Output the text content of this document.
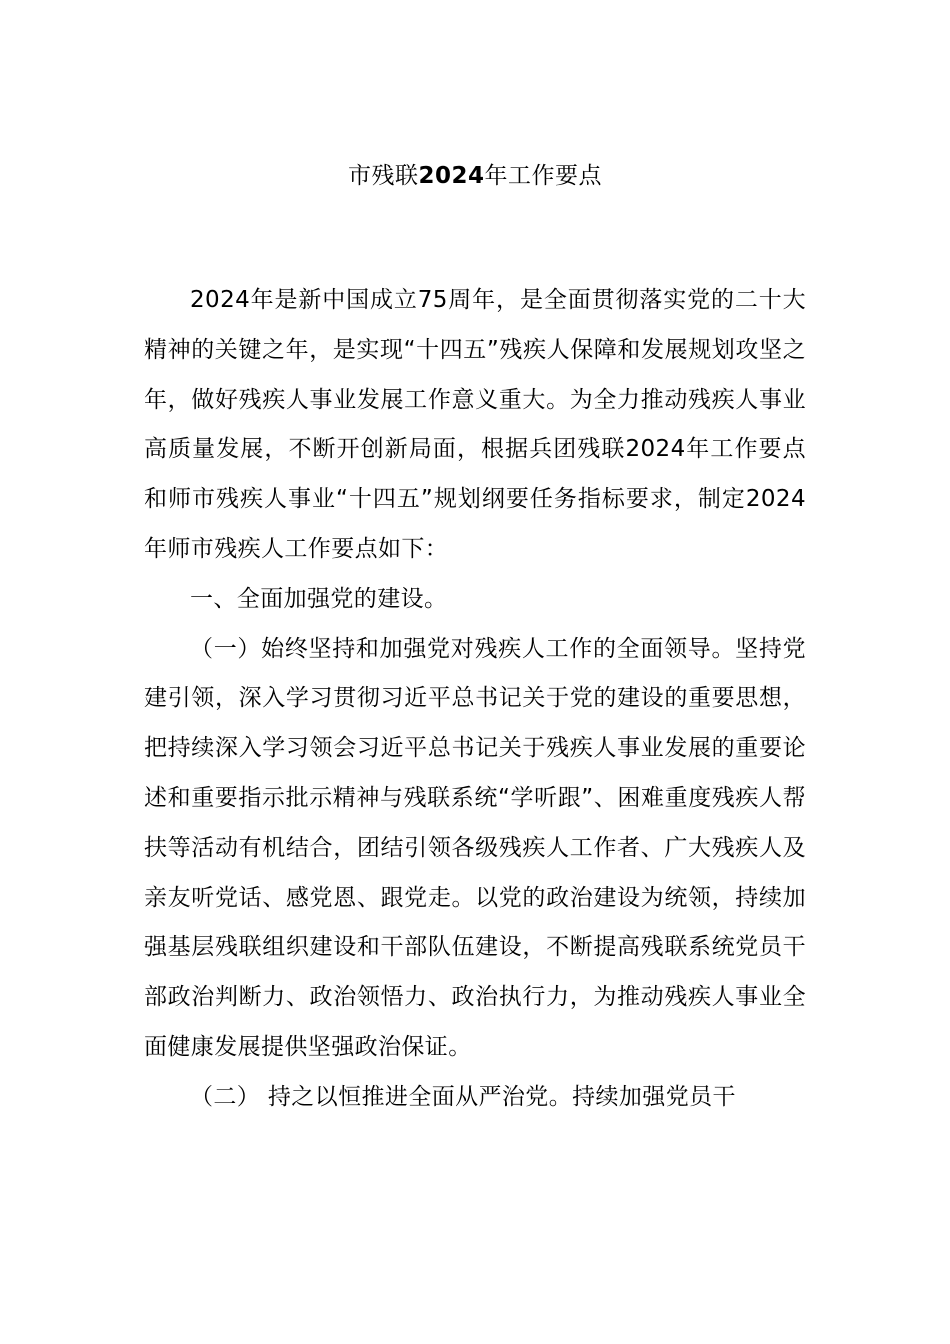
市残联2024年工作要点

2024年是新中国成立75周年，是全面贯彻落实党的二十大精神的关键之年，是实现“十四五”残疾人保障和发展规划攻坚之年，做好残疾人事业发展工作意义重大。为全力推动残疾人事业高质量发展，不断开创新局面，根据兵团残联2024年工作要点和师市残疾人事业“十四五”规划纲要任务指标要求，制定2024年师市残疾人工作要点如下：

一、全面加强党的建设。

（一）始终坚持和加强党对残疾人工作的全面领导。坚持党建引领，深入学习贯彻习近平总书记关于党的建设的重要思想，把持续深入学习领会习近平总书记关于残疾人事业发展的重要论述和重要指示批示精神与残联系统“学听跟”、困难重度残疾人帮扶等活动有机结合，团结引领各级残疾人工作者、广大残疾人及亲友听党话、感党恩、跟党走。以党的政治建设为统领，持续加强基层残联组织建设和干部队伍建设，不断提高残联系统党员干部政治判断力、政治领悟力、政治执行力，为推动残疾人事业全面健康发展提供坚强政治保证。

（二） 持之以恒推进全面从严治党。持续加强党员干
